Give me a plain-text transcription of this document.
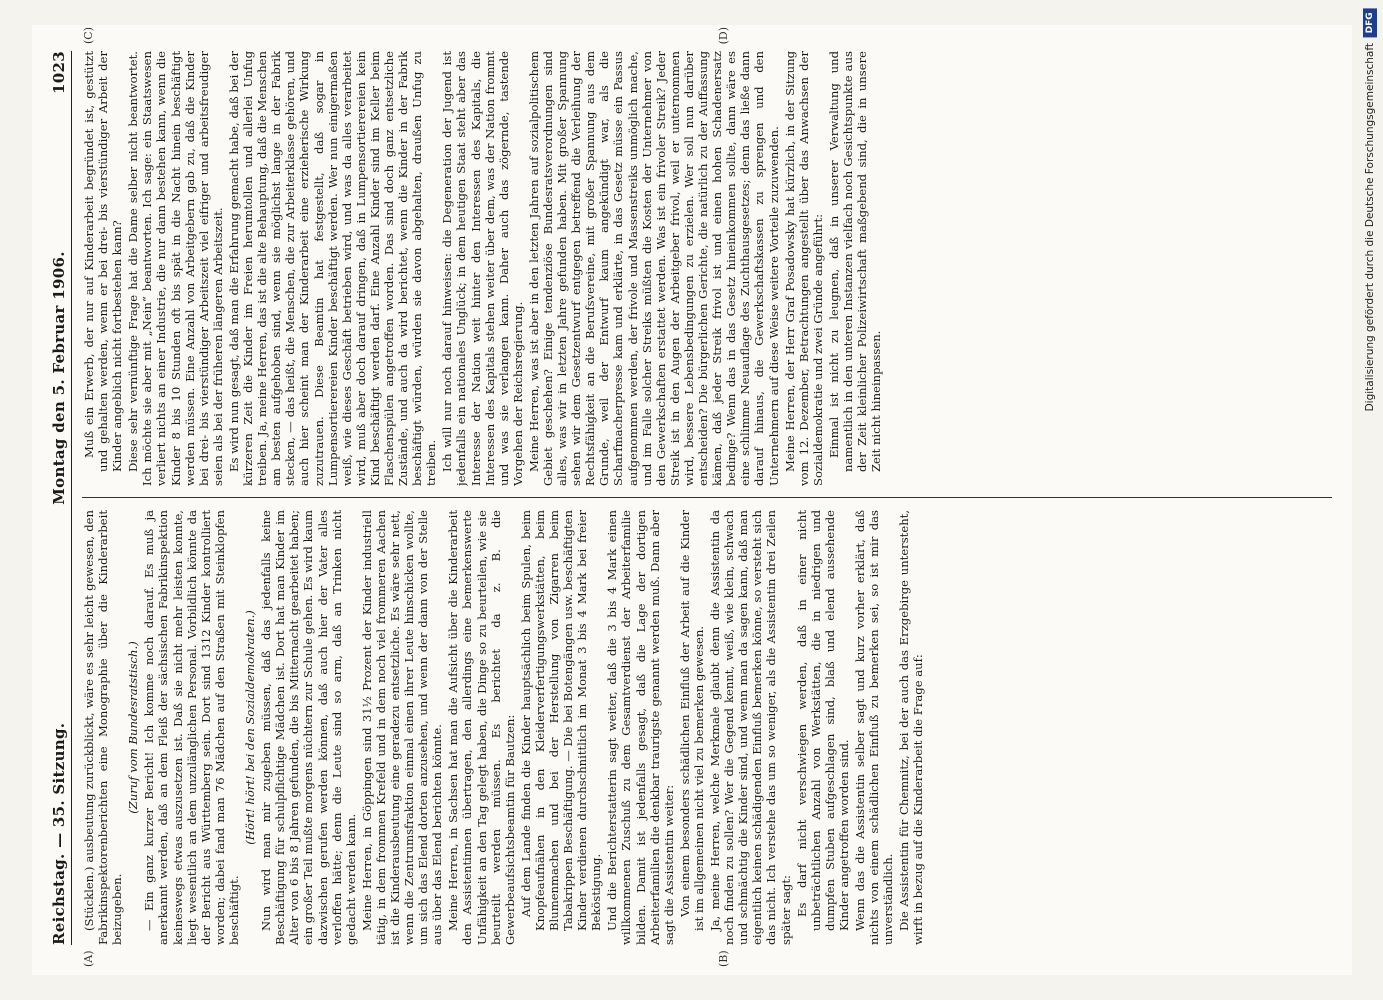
Reichstag. — 35. Sitzung.
Montag den 5. Februar 1906.
1023

(Stücklen.) ausbeutung zurückblickt, wäre es sehr leicht gewesen, den Fabrikinspektorenberichten eine Monographie über die Kinderarbeit beizugeben.

(Zuruf vom Bundesratstisch.) — Ein ganz kurzer Bericht! Ich komme noch darauf. Es muß ja anerkannt werden, daß an dem Fleiß der sächsischen Fabrikinspektion keineswegs etwas auszusetzen ist. Daß sie nicht mehr leisten konnte, liegt wesentlich an dem unzulänglichen Personal. Vorbildlich könnte da der Bericht aus Württemberg sein. Dort sind 1312 Kinder kontrolliert worden; dabei fand man 76 Mädchen auf den Straßen mit Steinklopfen beschäftigt.

(Hört! hört! bei den Sozialdemokraten.) Nun wird man mir zugeben müssen, daß das jedenfalls keine Beschäftigung für schulpflichtige Mädchen ist. Dort hat man Kinder im Alter von 6 bis 8 Jahren gefunden, die bis Mitternacht gearbeitet haben; ein großer Teil mußte morgens nüchtern zur Schule gehen. Es wird kaum dazwischen gerufen werden können, daß auch hier der Vater alles verloffen hätte; denn die Leute sind so arm, daß an Trinken nicht gedacht werden kann. Meine Herren, in Göppingen sind 31½ Prozent der Kinder industriell tätig, in dem frommen Krefeld und in dem noch viel frommeren Aachen ist die Kinderausbeutung eine geradezu entsetzliche. Es wäre sehr nett, wenn die Zentrumsfraktion einmal einen ihrer Leute hinschicken wollte, um sich das Elend dorten anzusehen, und wenn der dann von der Stelle aus über das Elend berichten könnte. Meine Herren, in Sachsen hat man die Aufsicht über die Kinderarbeit den Assistentinnen übertragen, den allerdings eine bemerkenswerte Unfähigkeit an den Tag gelegt haben, die Dinge so zu beurteilen, wie sie beurteilt werden müssen. Es berichtet da z. B. die Gewerbeaufsichtsbeamtin für Bautzen: Auf dem Lande finden die Kinder hauptsächlich beim Spulen, beim Knopfeaufnähen in den Kleiderverfertigungswerkstätten, beim Blumenmachen und bei der Herstellung von Zigarren beim Tabakrippen Beschäftigung. — Die bei Botengängen usw. beschäftigten Kinder verdienen durchschnittlich im Monat 3 bis 4 Mark bei freier Beköstigung. Und die Berichterstatterin sagt weiter, daß die 3 bis 4 Mark einen willkommenen Zuschuß zu dem Gesamtverdienst der Arbeiterfamilie bilden. Damit ist jedenfalls gesagt, daß die Lage der dortigen Arbeiterfamilien die denkbar traurigste genannt werden muß. Dann aber sagt die Assistentin weiter: Von einem besonders schädlichen Einfluß der Arbeit auf die Kinder ist im allgemeinen nicht viel zu bemerken gewesen. Ja, meine Herren, welche Merkmale glaubt denn die Assistentin da noch finden zu sollen? Wer die Gegend kennt, weiß, wie klein, schwach und schmächtig die Kinder sind, und wenn man da sagen kann, daß man eigentlich keinen schädigenden Einfluß bemerken könne, so versteht sich das nicht. Ich verstehe das um so weniger, als die Assistentin drei Zeilen später sagt: Es darf nicht verschwiegen werden, daß in einer nicht unbeträchtlichen Anzahl von Werkstätten, die in niedrigen und dumpfen Stuben aufgeschlagen sind, blaß und elend aussehende Kinder angetroffen worden sind. Wenn das die Assistentin selber sagt und kurz vorher erklärt, daß nichts von einem schädlichen Einfluß zu bemerken sei, so ist mir das unverständlich. Die Assistentin für Chemnitz, bei der auch das Erzgebirge untersteht, wirft in bezug auf die Kinderarbeit die Frage auf:

Muß ein Erwerb, der nur auf Kinderarbeit begründet ist, gestützt und gehalten werden, wenn er bei drei- bis vierstündiger Arbeit der Kinder angeblich nicht fortbestehen kann? Diese sehr vernünftige Frage hat die Dame selber nicht beantwortet. Ich möchte sie aber mit „Nein“ beantworten. Ich sage: ein Staatswesen verliert nichts an einer Industrie, die nur dann bestehen kann, wenn die Kinder 8 bis 10 Stunden oft bis spät in die Nacht hinein beschäftigt werden müssen. Eine Anzahl von Arbeitgebern gab zu, daß die Kinder bei drei- bis vierstündiger Arbeitszeit viel eifriger und arbeitsfreudiger seien als bei der früheren längeren Arbeitszeit. Es wird nun gesagt, daß man die Erfahrung gemacht habe, daß bei der kürzeren Zeit die Kinder im Freien herumtollen und allerlei Unfug treiben. Ja, meine Herren, das ist die alte Behauptung, daß die Menschen am besten aufgehoben sind, wenn sie möglichst lange in der Fabrik stecken, — das heißt, die Menschen, die zur Arbeiterklasse gehören, und auch hier scheint man der Kinderarbeit eine erzieherische Wirkung zuzutrauen. Diese Beamtin hat festgestellt, daß sogar in Lumpensortierereien Kinder beschäftigt werden. Wer nun einigermaßen weiß, wie dieses Geschäft betrieben wird, und was da alles verarbeitet wird, muß aber doch darauf dringen, daß in Lumpensortierereien kein Kind beschäftigt werden darf. Eine Anzahl Kinder sind im Keller beim Flaschenspülen angetroffen worden. Das sind doch ganz entsetzliche Zustände, und auch da wird berichtet, wenn die Kinder in der Fabrik beschäftigt würden, würden sie davon abgehalten, draußen Unfug zu treiben. Ich will nur noch darauf hinweisen: die Degeneration der Jugend ist jedenfalls ein nationales Unglück; in dem heutigen Staat steht aber das Interesse der Nation weit hinter den Interessen des Kapitals, die Interessen des Kapitals stehen weiter über dem, was der Nation frommt und was sie verlangen kann. Daher auch das zögernde, tastende Vorgehen der Reichsregierung. Meine Herren, was ist aber in den letzten Jahren auf sozialpolitischem Gebiet geschehen? Einige tendenziöse Bundesratsverordnungen sind alles, was wir in letzten Jahre gefunden haben. Mit großer Spannung sehen wir dem Gesetzentwurf entgegen betreffend die Verleihung der Rechtsfähigkeit an die Berufsvereine, mit großer Spannung aus dem Grunde, weil der Entwurf kaum angekündigt war, als die Scharfmacherpresse kam und erklärte, in das Gesetz müsse ein Passus aufgenommen werden, der frivole und Massenstreiks unmöglich mache, und im Falle solcher Streiks müßten die Kosten der Unternehmer von den Gewerkschaften erstattet werden. Was ist ein frivoler Streik? Jeder Streik ist in den Augen der Arbeitgeber frivol, weil er unternommen wird, bessere Lebensbedingungen zu erzielen. Wer soll nun darüber entscheiden? Die bürgerlichen Gerichte, die natürlich zu der Auffassung kämen, daß jeder Streik frivol ist und einen hohen Schadenersatz bedinge? Wenn das in das Gesetz hineinkommen sollte, dann wäre es eine schlimme Neuauflage des Zuchthausgesetzes; denn das ließe dann darauf hinaus, die Gewerkschaftskassen zu sprengen und den Unternehmern auf diese Weise weitere Vorteile zuzuwenden. Meine Herren, der Herr Graf Posadowsky hat kürzlich, in der Sitzung vom 12. Dezember, Betrachtungen angestellt über das Anwachsen der Sozialdemokratie und zwei Gründe angeführt: Einmal ist nicht zu leugnen, daß in unserer Verwaltung und namentlich in den unteren Instanzen vielfach noch Gesichtspunkte aus der Zeit kleinlicher Polizeiwirtschaft maßgebend sind, die in unsere Zeit nicht hineinpassen.

(A)	(B)
(C)	(D)
Digitalisierung gefördert durch die Deutsche Forschungsgemeinschaft
DFG
